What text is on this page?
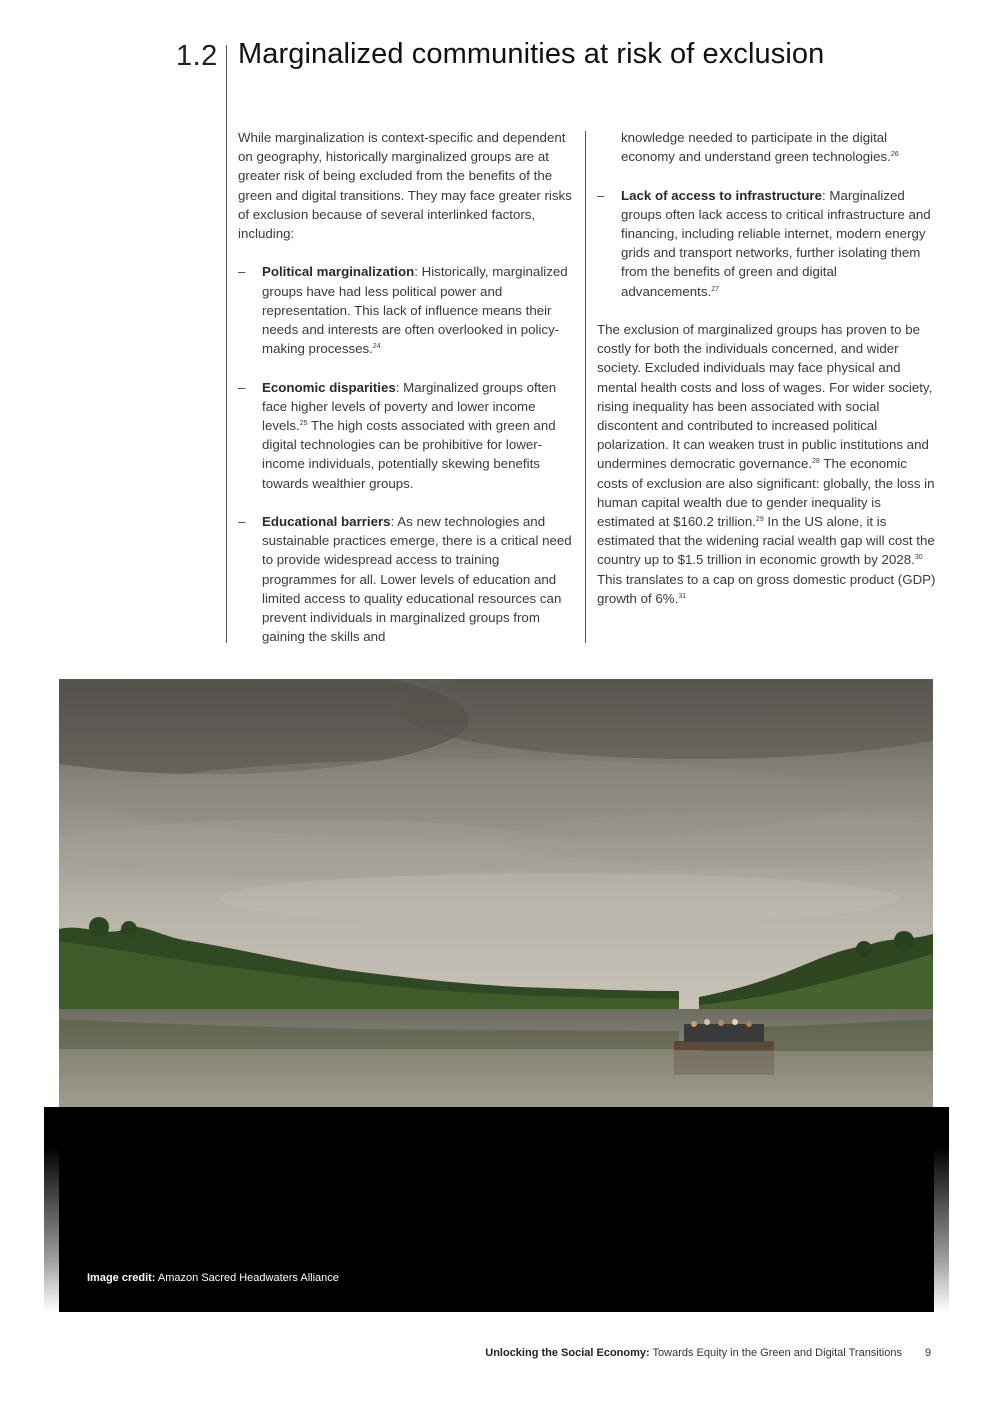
1.2 Marginalized communities at risk of exclusion

While marginalization is context-specific and dependent on geography, historically marginalized groups are at greater risk of being excluded from the benefits of the green and digital transitions. They may face greater risks of exclusion because of several interlinked factors, including:

– Political marginalization: Historically, marginalized groups have had less political power and representation. This lack of influence means their needs and interests are often overlooked in policy-making processes.$^{24}$
– Economic disparities: Marginalized groups often face higher levels of poverty and lower income levels.$^{25}$ The high costs associated with green and digital technologies can be prohibitive for lower-income individuals, potentially skewing benefits towards wealthier groups.
– Educational barriers: As new technologies and sustainable practices emerge, there is a critical need to provide widespread access to training programmes for all. Lower levels of education and limited access to quality educational resources can prevent individuals in marginalized groups from gaining the skills and
knowledge needed to participate in the digital economy and understand green technologies.$^{26}$
– Lack of access to infrastructure: Marginalized groups often lack access to critical infrastructure and financing, including reliable internet, modern energy grids and transport networks, further isolating them from the benefits of green and digital advancements.$^{27}$

The exclusion of marginalized groups has proven to be costly for both the individuals concerned, and wider society. Excluded individuals may face physical and mental health costs and loss of wages. For wider society, rising inequality has been associated with social discontent and contributed to increased political polarization. It can weaken trust in public institutions and undermines democratic governance.$^{28}$ The economic costs of exclusion are also significant: globally, the loss in human capital wealth due to gender inequality is estimated at $160.2 trillion.$^{29}$ In the US alone, it is estimated that the widening racial wealth gap will cost the country up to $1.5 trillion in economic growth by 2028.30 This translates to a cap on gross domestic product (GDP) growth of 6%.$^{31}$

Image credit: Amazon Sacred Headwaters Alliance
Unlocking the Social Economy: Towards Equity in the Green and Digital Transitions 9
